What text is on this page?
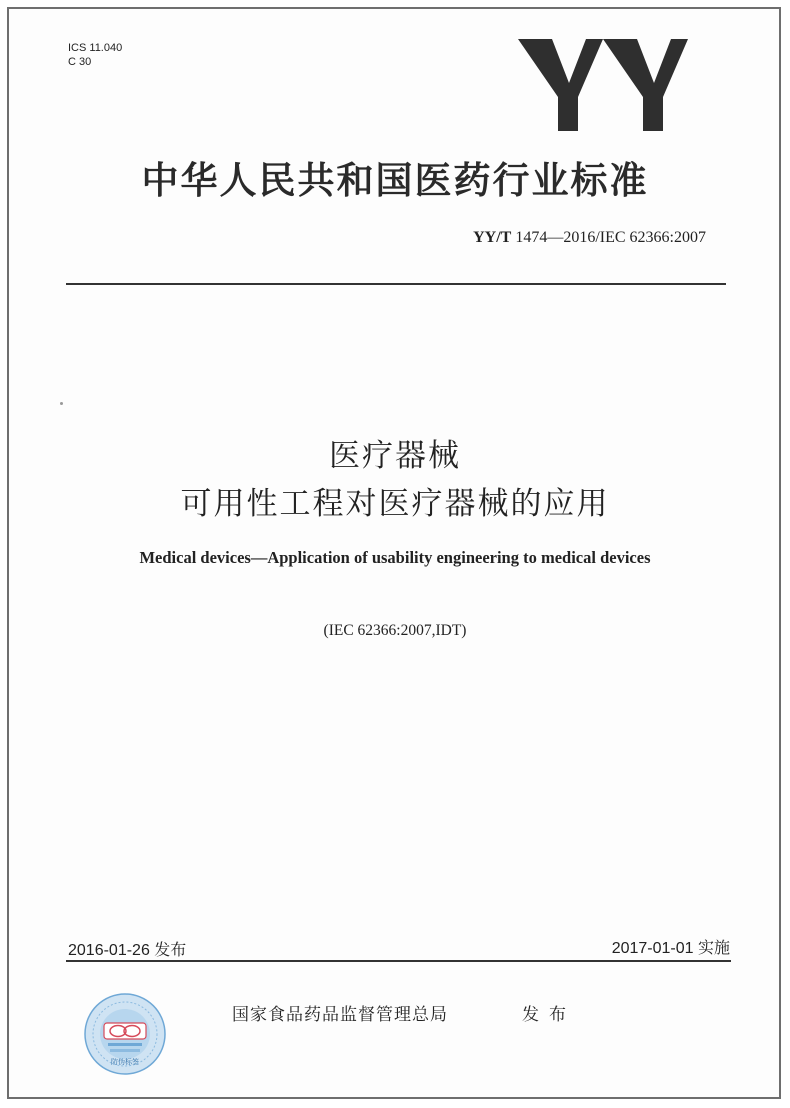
ICS 11.040
C 30
中华人民共和国医药行业标准
YY/T 1474—2016/IEC 62366:2007
医疗器械
可用性工程对医疗器械的应用
Medical devices—Application of usability engineering to medical devices
(IEC 62366:2007,IDT)
2016-01-26 发布	2017-01-01 实施
防伪标签
国家食品药品监督管理总局	发布
